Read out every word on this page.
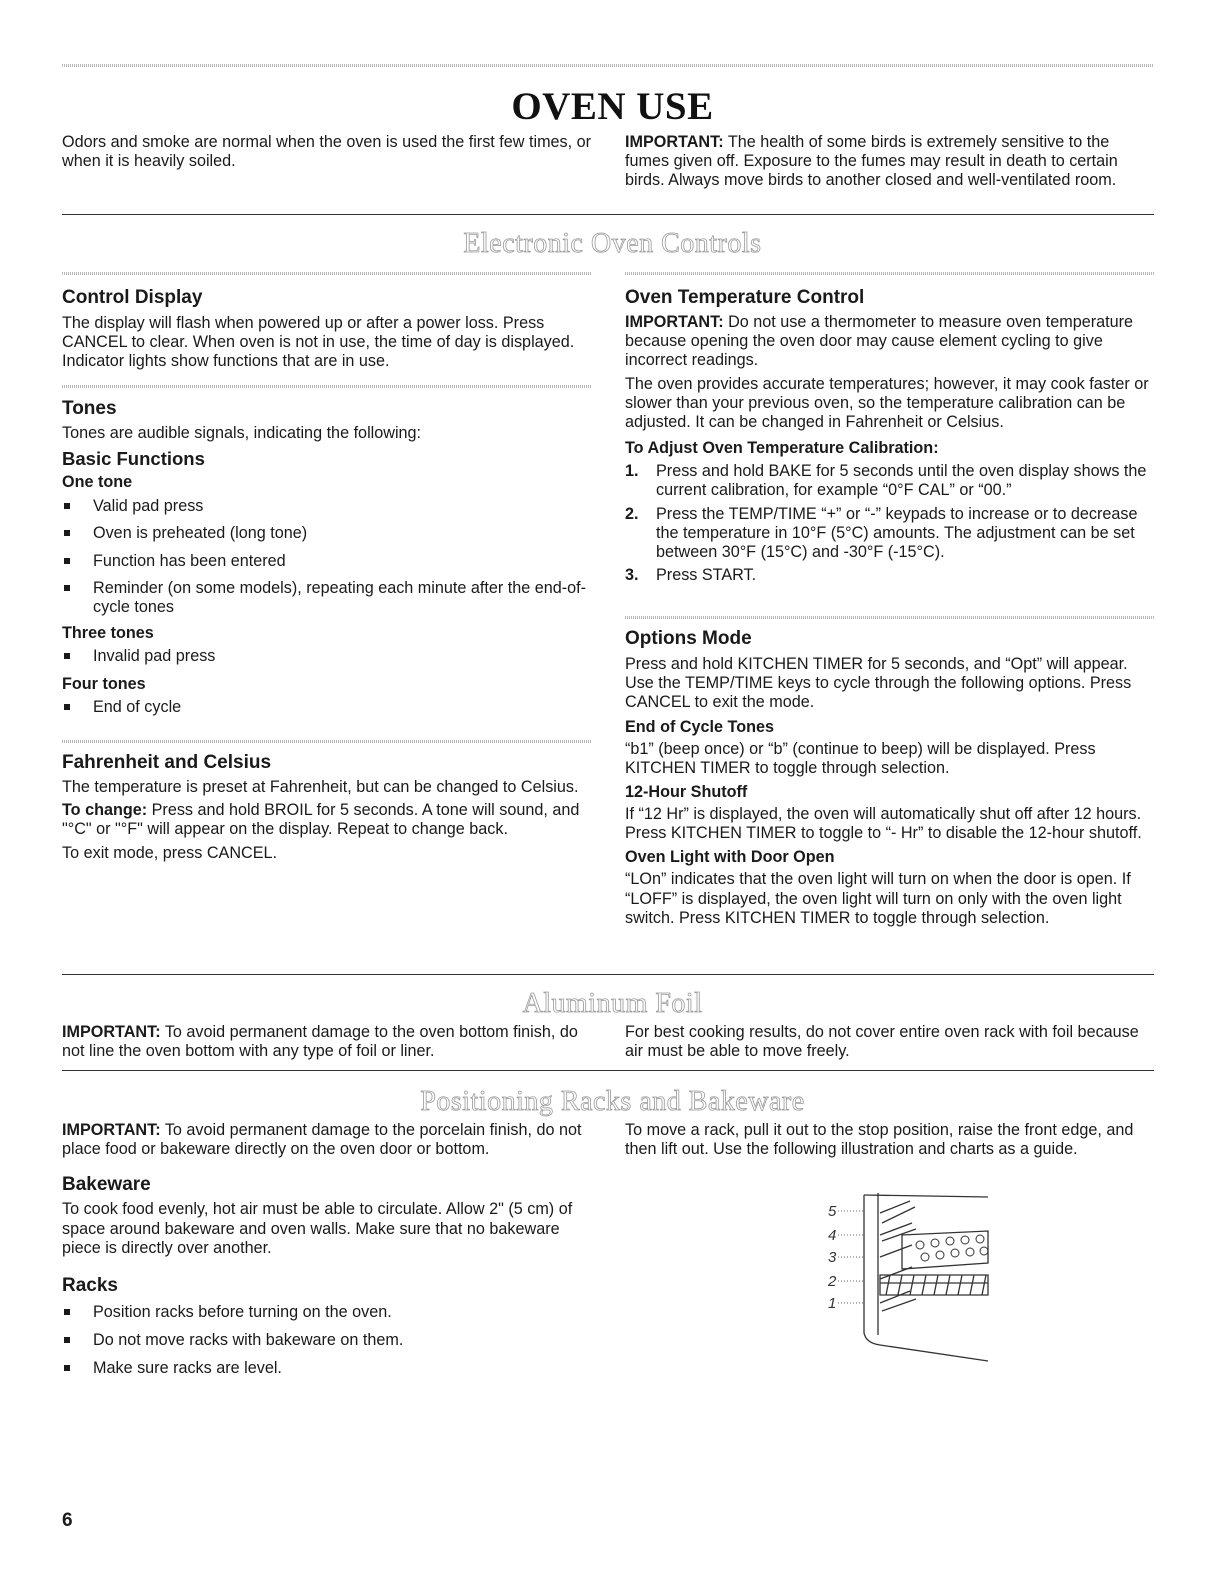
OVEN USE

Odors and smoke are normal when the oven is used the first few times, or when it is heavily soiled.

IMPORTANT: The health of some birds is extremely sensitive to the fumes given off. Exposure to the fumes may result in death to certain birds. Always move birds to another closed and well-ventilated room.

Electronic Oven Controls

Control Display

The display will flash when powered up or after a power loss. Press CANCEL to clear. When oven is not in use, the time of day is displayed. Indicator lights show functions that are in use.

Tones

Tones are audible signals, indicating the following:

Basic Functions

One tone

Valid pad press
Oven is preheated (long tone)
Function has been entered
Reminder (on some models), repeating each minute after the end-of-cycle tones

Three tones

Invalid pad press

Four tones

End of cycle

Fahrenheit and Celsius

The temperature is preset at Fahrenheit, but can be changed to Celsius.

To change: Press and hold BROIL for 5 seconds. A tone will sound, and "°C" or "°F" will appear on the display. Repeat to change back.

To exit mode, press CANCEL.

Oven Temperature Control

IMPORTANT: Do not use a thermometer to measure oven temperature because opening the oven door may cause element cycling to give incorrect readings.

The oven provides accurate temperatures; however, it may cook faster or slower than your previous oven, so the temperature calibration can be adjusted. It can be changed in Fahrenheit or Celsius.

To Adjust Oven Temperature Calibration:

1. Press and hold BAKE for 5 seconds until the oven display shows the current calibration, for example “0°F CAL” or “00.”
2. Press the TEMP/TIME “+” or “-” keypads to increase or to decrease the temperature in 10°F (5°C) amounts. The adjustment can be set between 30°F (15°C) and -30°F (-15°C).
3. Press START.

Options Mode

Press and hold KITCHEN TIMER for 5 seconds, and “Opt” will appear. Use the TEMP/TIME keys to cycle through the following options. Press CANCEL to exit the mode.

End of Cycle Tones

“b1” (beep once) or “b” (continue to beep) will be displayed. Press KITCHEN TIMER to toggle through selection.

12-Hour Shutoff

If “12 Hr” is displayed, the oven will automatically shut off after 12 hours. Press KITCHEN TIMER to toggle to “- Hr” to disable the 12-hour shutoff.

Oven Light with Door Open

“LOn” indicates that the oven light will turn on when the door is open. If “LOFF” is displayed, the oven light will turn on only with the oven light switch. Press KITCHEN TIMER to toggle through selection.

Aluminum Foil

IMPORTANT: To avoid permanent damage to the oven bottom finish, do not line the oven bottom with any type of foil or liner.

For best cooking results, do not cover entire oven rack with foil because air must be able to move freely.

Positioning Racks and Bakeware

IMPORTANT: To avoid permanent damage to the porcelain finish, do not place food or bakeware directly on the oven door or bottom.

Bakeware

To cook food evenly, hot air must be able to circulate. Allow 2" (5 cm) of space around bakeware and oven walls. Make sure that no bakeware piece is directly over another.

Racks

Position racks before turning on the oven.
Do not move racks with bakeware on them.
Make sure racks are level.

To move a rack, pull it out to the stop position, raise the front edge, and then lift out. Use the following illustration and charts as a guide.

5
4
3
2
1
6
